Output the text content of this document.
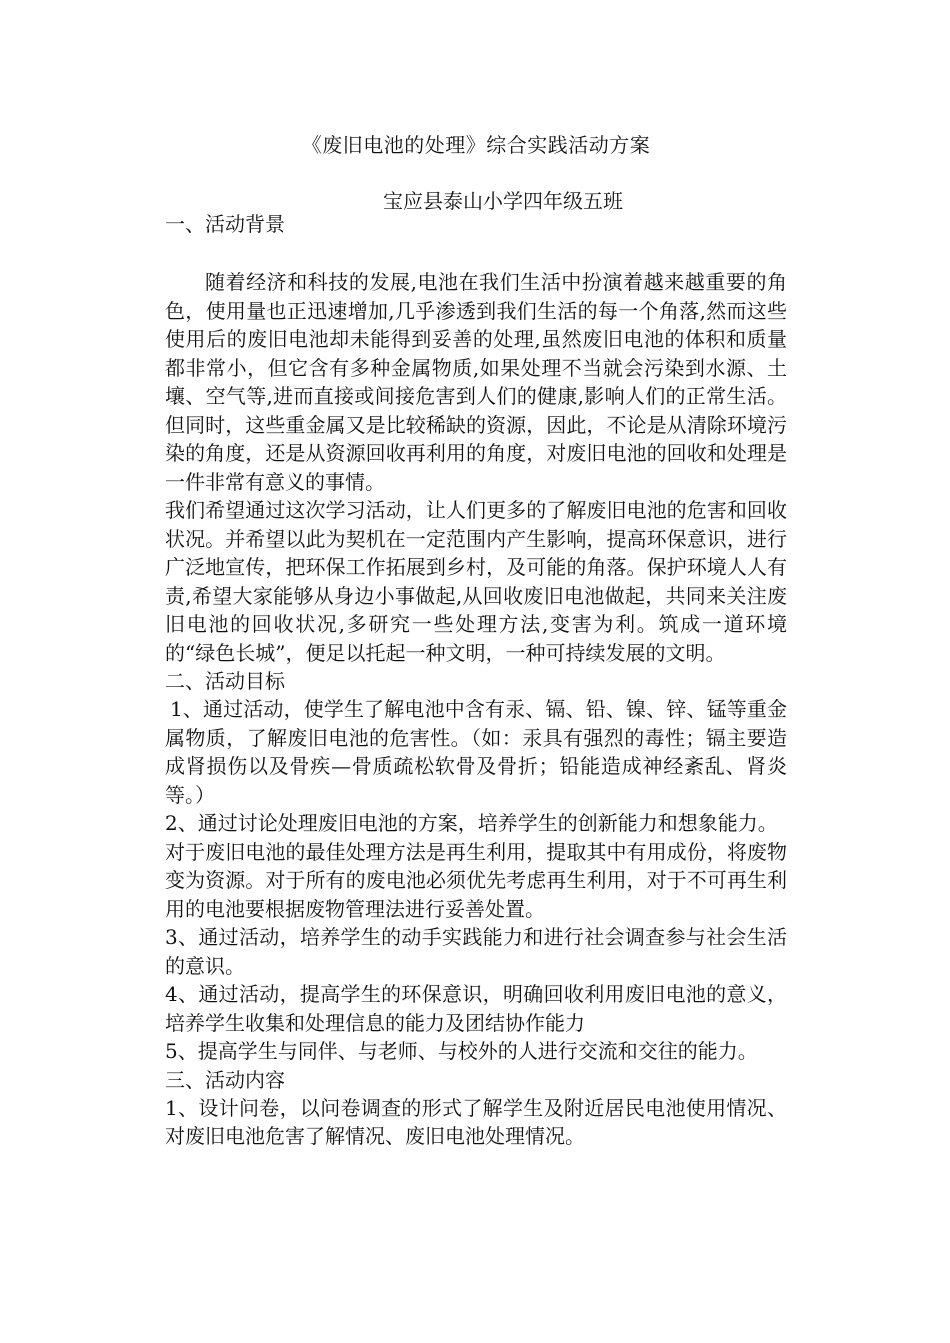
《废旧电池的处理》综合实践活动方案

宝应县泰山小学四年级五班

一、活动背景

随着经济和科技的发展,电池在我们生活中扮演着越来越重要的角色，使用量也正迅速增加,几乎渗透到我们生活的每一个角落,然而这些使用后的废旧电池却未能得到妥善的处理,虽然废旧电池的体积和质量都非常小，但它含有多种金属物质,如果处理不当就会污染到水源、土壤、空气等,进而直接或间接危害到人们的健康,影响人们的正常生活。但同时，这些重金属又是比较稀缺的资源，因此，不论是从清除环境污染的角度，还是从资源回收再利用的角度，对废旧电池的回收和处理是一件非常有意义的事情。

我们希望通过这次学习活动，让人们更多的了解废旧电池的危害和回收状况。并希望以此为契机在一定范围内产生影响，提高环保意识，进行广泛地宣传，把环保工作拓展到乡村，及可能的角落。保护环境人人有责,希望大家能够从身边小事做起,从回收废旧电池做起，共同来关注废旧电池的回收状况,多研究一些处理方法,变害为利。筑成一道环境的“绿色长城”，便足以托起一种文明，一种可持续发展的文明。

二、活动目标

1、通过活动，使学生了解电池中含有汞、镉、铅、镍、锌、锰等重金属物质，了解废旧电池的危害性。（如：汞具有强烈的毒性；镉主要造成肾损伤以及骨疾—骨质疏松软骨及骨折；铅能造成神经紊乱、肾炎等。）

2、通过讨论处理废旧电池的方案，培养学生的创新能力和想象能力。

对于废旧电池的最佳处理方法是再生利用，提取其中有用成份，将废物变为资源。对于所有的废电池必须优先考虑再生利用，对于不可再生利用的电池要根据废物管理法进行妥善处置。

3、通过活动，培养学生的动手实践能力和进行社会调查参与社会生活的意识。

4、通过活动，提高学生的环保意识，明确回收利用废旧电池的意义，培养学生收集和处理信息的能力及团结协作能力

5、提高学生与同伴、与老师、与校外的人进行交流和交往的能力。

三、活动内容

1、设计问卷，以问卷调查的形式了解学生及附近居民电池使用情况、对废旧电池危害了解情况、废旧电池处理情况。
